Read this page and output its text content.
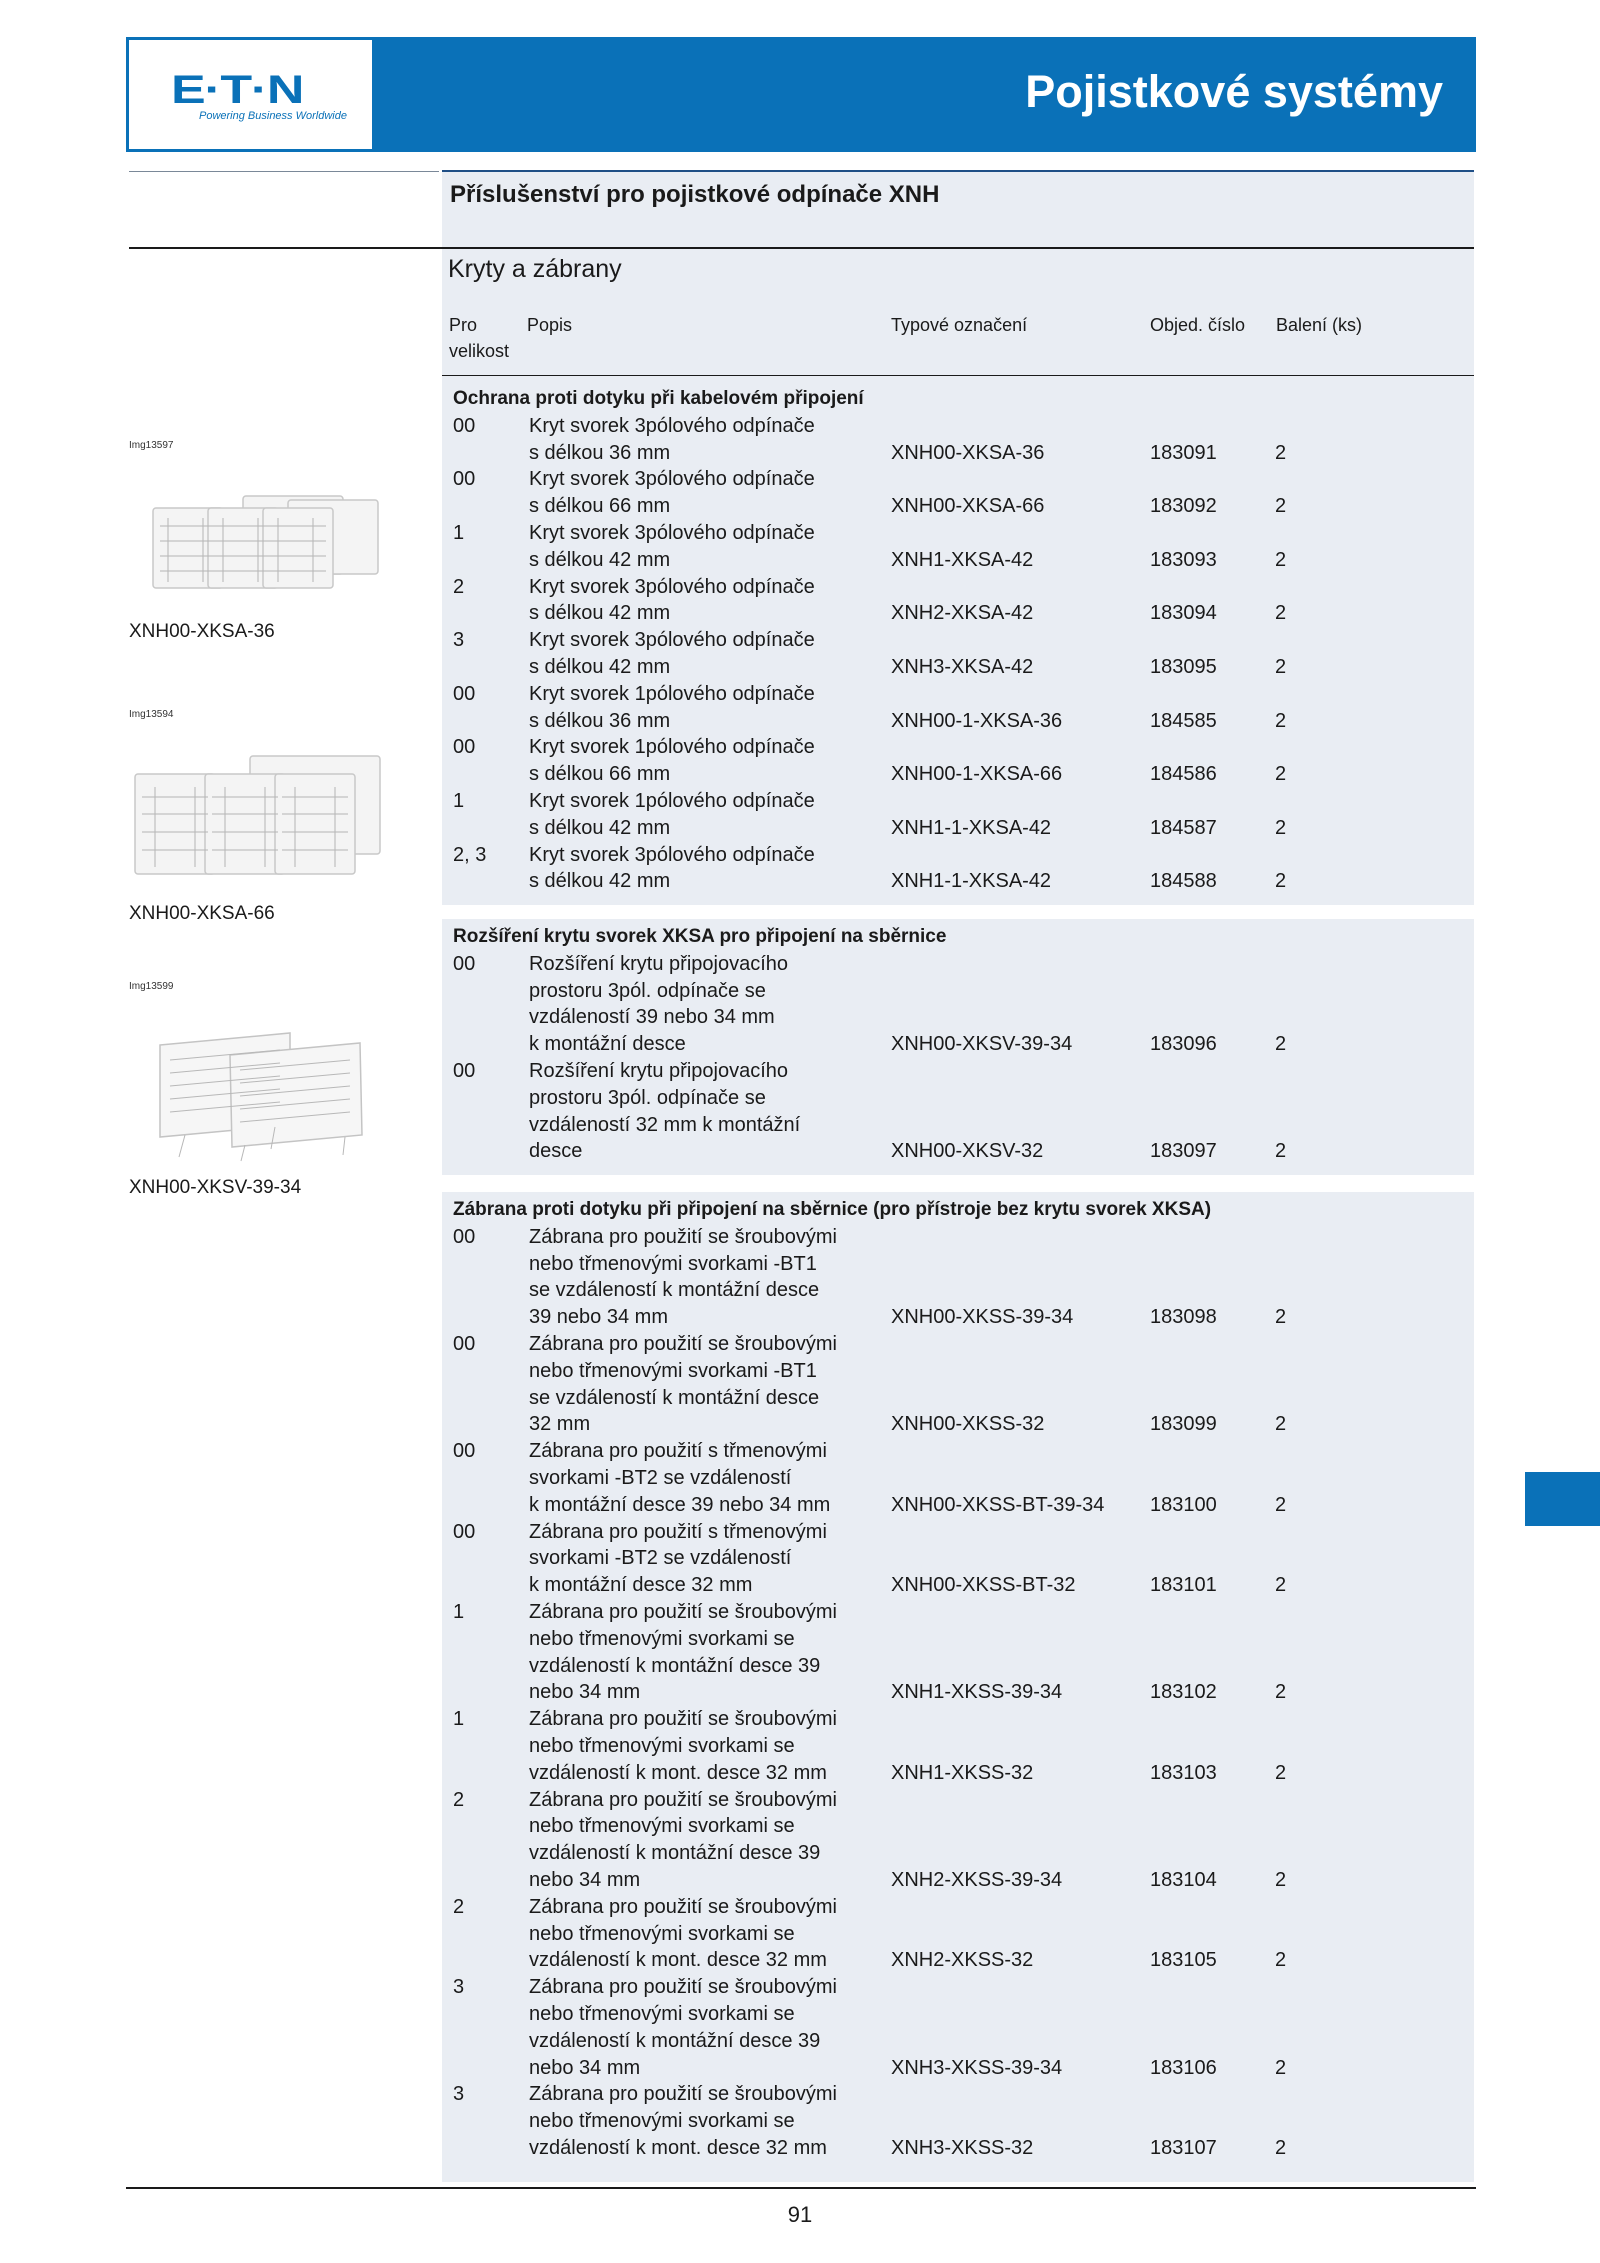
E·T·N
Powering Business Worldwide	Pojistkové systémy
Příslušenství pro pojistkové odpínače XNH
Kryty a zábrany
Pro
velikost
Popis	Typové označení	Objed. číslo Balení (ks)
Ochrana proti dotyku při kabelovém připojení
00	Kryt svorek 3pólového odpínače
s délkou 36 mm	XNH00-XKSA-36	183091	2
00	Kryt svorek 3pólového odpínače
s délkou 66 mm	XNH00-XKSA-66	183092	2
1	Kryt svorek 3pólového odpínače
s délkou 42 mm	XNH1-XKSA-42	183093	2
2	Kryt svorek 3pólového odpínače
s délkou 42 mm	XNH2-XKSA-42	183094	2
3	Kryt svorek 3pólového odpínače
s délkou 42 mm	XNH3-XKSA-42	183095	2
00	Kryt svorek 1pólového odpínače
s délkou 36 mm	XNH00-1-XKSA-36	184585	2
00	Kryt svorek 1pólového odpínače
s délkou 66 mm	XNH00-1-XKSA-66	184586	2
1	Kryt svorek 1pólového odpínače
s délkou 42 mm	XNH1-1-XKSA-42	184587	2
2, 3 Kryt svorek 3pólového odpínače
s délkou 42 mm	XNH1-1-XKSA-42	184588	2
Rozšíření krytu svorek XKSA pro připojení na sběrnice
00	Rozšíření krytu připojovacího
prostoru 3pól. odpínače se
vzdáleností 39 nebo 34 mm
k montážní desce	XNH00-XKSV-39-34	183096	2
00	Rozšíření krytu připojovacího
prostoru 3pól. odpínače se
vzdáleností 32 mm k montážní
desce	XNH00-XKSV-32	183097	2
Zábrana proti dotyku při připojení na sběrnice (pro přístroje bez krytu svorek XKSA)
00	Zábrana pro použití se šroubovými
nebo třmenovými svorkami -BT1
se vzdáleností k montážní desce
39 nebo 34 mm	XNH00-XKSS-39-34	183098	2
00	Zábrana pro použití se šroubovými
nebo třmenovými svorkami -BT1
se vzdáleností k montážní desce
32 mm	XNH00-XKSS-32	183099	2
00	Zábrana pro použití s třmenovými
svorkami -BT2 se vzdáleností
k montážní desce 39 nebo 34 mm	XNH00-XKSS-BT-39-34 183100	2
00	Zábrana pro použití s třmenovými
svorkami -BT2 se vzdáleností
k montážní desce 32 mm	XNH00-XKSS-BT-32	183101	2
1	Zábrana pro použití se šroubovými
nebo třmenovými svorkami se
vzdáleností k montážní desce 39
nebo 34 mm	XNH1-XKSS-39-34	183102	2
1	Zábrana pro použití se šroubovými
nebo třmenovými svorkami se
vzdáleností k mont. desce 32 mm	XNH1-XKSS-32	183103	2
2	Zábrana pro použití se šroubovými
nebo třmenovými svorkami se
vzdáleností k montážní desce 39
nebo 34 mm	XNH2-XKSS-39-34	183104	2
2	Zábrana pro použití se šroubovými
nebo třmenovými svorkami se
vzdáleností k mont. desce 32 mm	XNH2-XKSS-32	183105	2
3	Zábrana pro použití se šroubovými
nebo třmenovými svorkami se
vzdáleností k montážní desce 39
nebo 34 mm	XNH3-XKSS-39-34	183106	2
3	Zábrana pro použití se šroubovými
nebo třmenovými svorkami se
vzdáleností k mont. desce 32 mm	XNH3-XKSS-32	183107	2
Img13597
XNH00-XKSA-36
Img13594
XNH00-XKSA-66
Img13599
XNH00-XKSV-39-34
91
